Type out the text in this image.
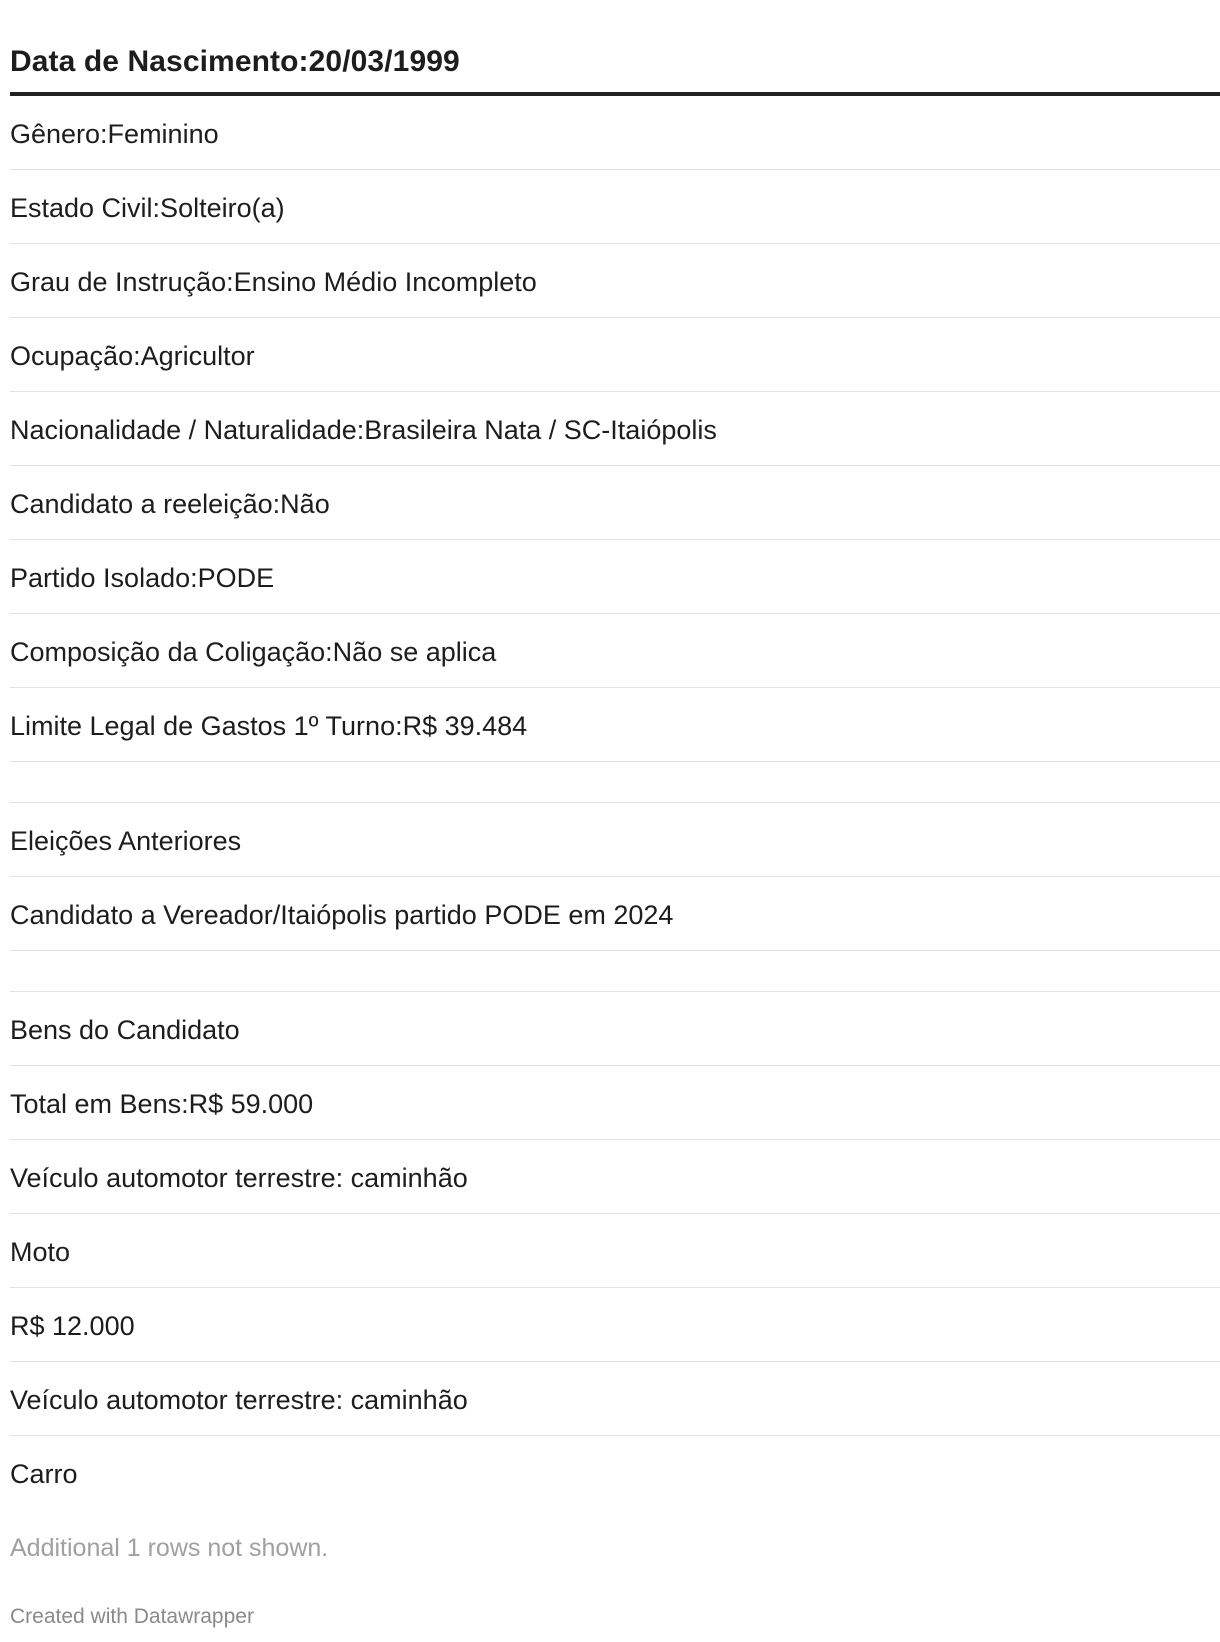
Data de Nascimento:20/03/1999
Gênero:Feminino
Estado Civil:Solteiro(a)
Grau de Instrução:Ensino Médio Incompleto
Ocupação:Agricultor
Nacionalidade / Naturalidade:Brasileira Nata / SC-Itaiópolis
Candidato a reeleição:Não
Partido Isolado:PODE
Composição da Coligação:Não se aplica
Limite Legal de Gastos 1º Turno:R$ 39.484
Eleições Anteriores
Candidato a Vereador/Itaiópolis partido PODE em 2024
Bens do Candidato
Total em Bens:R$ 59.000
Veículo automotor terrestre: caminhão
Moto
R$ 12.000
Veículo automotor terrestre: caminhão
Carro
Additional 1 rows not shown.
Created with Datawrapper
